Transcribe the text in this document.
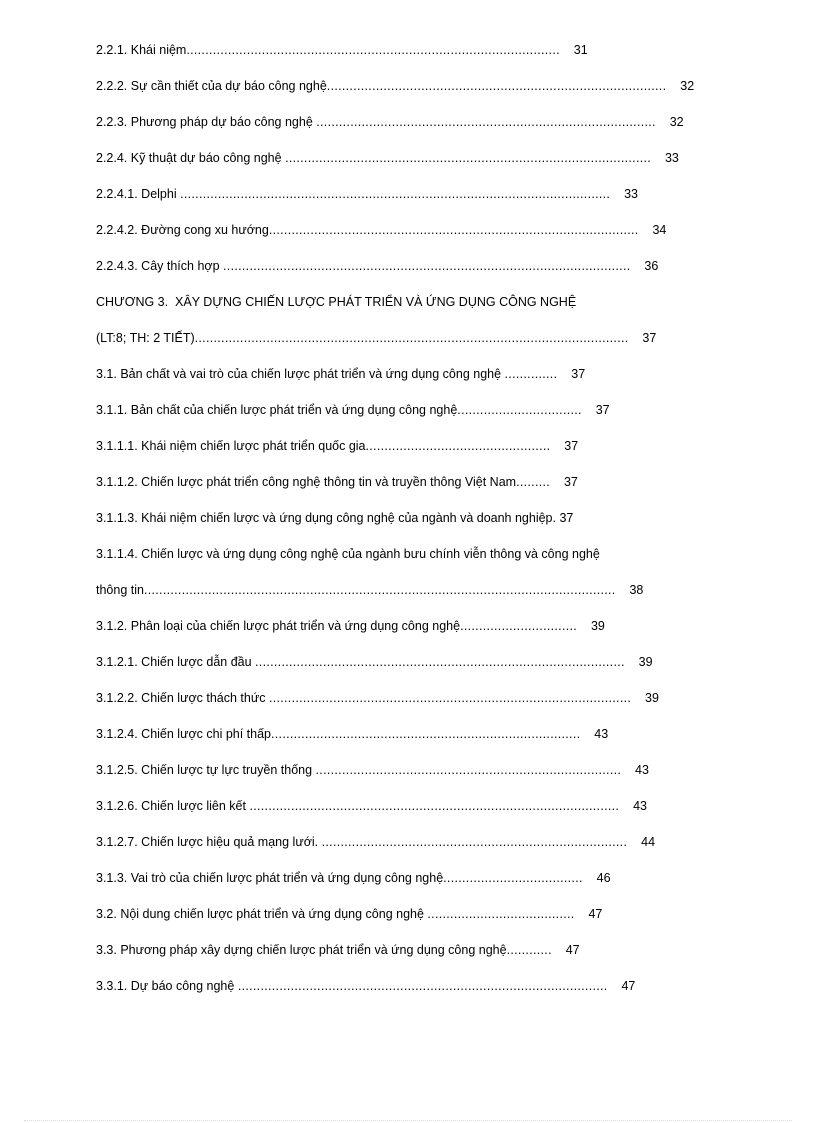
2.2.1. Khái niệm...................................................................................................    31
2.2.2. Sự cần thiết của dự báo công nghệ..........................................................................................    32
2.2.3. Phương pháp dự báo công nghệ ..........................................................................................    32
2.2.4. Kỹ thuật dự báo công nghệ .................................................................................................    33
2.2.4.1. Delphi ..................................................................................................................    33
2.2.4.2. Đường cong xu hướng..................................................................................................    34
2.2.4.3. Cây thích hợp ............................................................................................................    36
CHƯƠNG 3.  XÂY DỰNG CHIẾN LƯỢC PHÁT TRIỂN VÀ ỨNG DỤNG CÔNG NGHỆ
(LT:8; TH: 2 TIẾT)...................................................................................................................    37
3.1. Bản chất và vai trò của chiến lược phát triển và ứng dụng công nghệ ..............    37
3.1.1. Bản chất của chiến lược phát triển và ứng dụng công nghệ.................................    37
3.1.1.1. Khái niệm chiến lược phát triển quốc gia.................................................    37
3.1.1.2. Chiến lược phát triển công nghệ thông tin và truyền thông Việt Nam.........    37
3.1.1.3. Khái niệm chiến lược và ứng dụng công nghệ của ngành và doanh nghiệp. 37
3.1.1.4. Chiến lược và ứng dụng công nghệ của ngành bưu chính viễn thông và công nghệ
thông tin.............................................................................................................................    38
3.1.2. Phân loại của chiến lược phát triển và ứng dụng công nghệ...............................    39
3.1.2.1. Chiến lược dẫn đầu ..................................................................................................    39
3.1.2.2. Chiến lược thách thức ................................................................................................    39
3.1.2.4. Chiến lược chi phí thấp..................................................................................    43
3.1.2.5. Chiến lược tự lực truyền thống .................................................................................    43
3.1.2.6. Chiến lược liên kết ..................................................................................................    43
3.1.2.7. Chiến lược hiệu quả mạng lưới. .................................................................................    44
3.1.3. Vai trò của chiến lược phát triển và ứng dụng công nghệ.....................................    46
3.2. Nội dung chiến lược phát triển và ứng dụng công nghệ .......................................    47
3.3. Phương pháp xây dựng chiến lược phát triển và ứng dụng công nghệ............    47
3.3.1. Dự báo công nghệ ..................................................................................................    47
